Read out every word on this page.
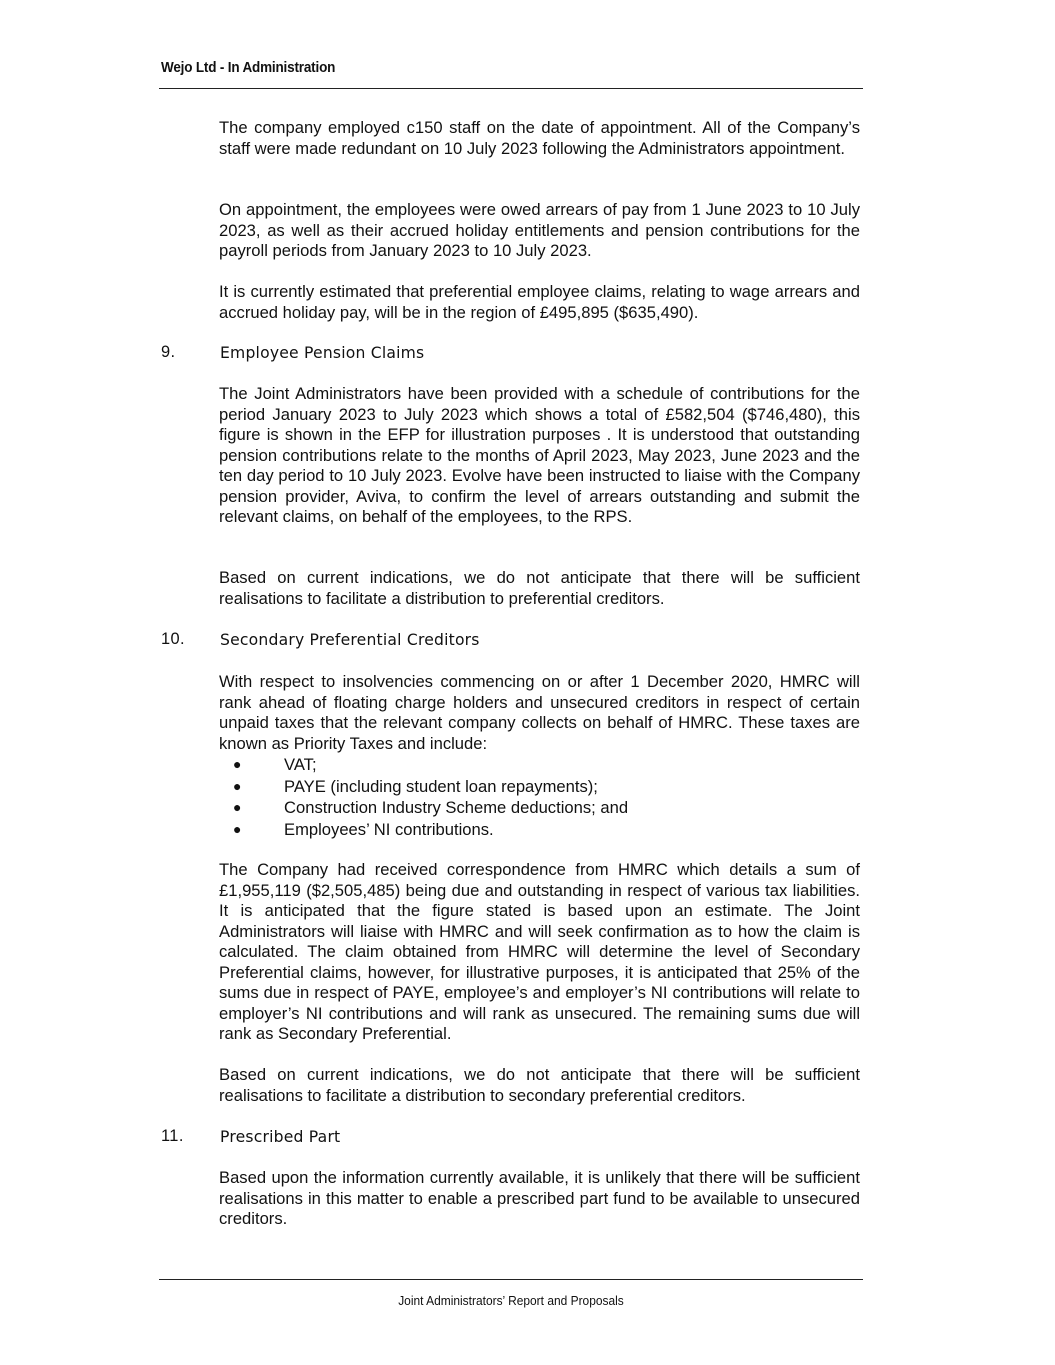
Wejo Ltd - In Administration

The company employed c150 staff on the date of appointment. All of the Company’s staff were made redundant on 10 July 2023 following the Administrators appointment.

On appointment, the employees were owed arrears of pay from 1 June 2023 to 10 July 2023, as well as their accrued holiday entitlements and pension contributions for the payroll periods from January 2023 to 10 July 2023.

It is currently estimated that preferential employee claims, relating to wage arrears and accrued holiday pay, will be in the region of £495,895 ($635,490).

9.	Employee Pension Claims

The Joint Administrators have been provided with a schedule of contributions for the period January 2023 to July 2023 which shows a total of £582,504 ($746,480), this figure is shown in the EFP for illustration purposes . It is understood that outstanding pension contributions relate to the months of April 2023, May 2023, June 2023 and the ten day period to 10 July 2023. Evolve have been instructed to liaise with the Company pension provider, Aviva, to confirm the level of arrears outstanding and submit the relevant claims, on behalf of the employees, to the RPS.

Based on current indications, we do not anticipate that there will be sufficient realisations to facilitate a distribution to preferential creditors.

10. Secondary Preferential Creditors

With respect to insolvencies commencing on or after 1 December 2020, HMRC will rank ahead of floating charge holders and unsecured creditors in respect of certain unpaid taxes that the relevant company collects on behalf of HMRC. These taxes are known as Priority Taxes and include:

●	VAT;
●	PAYE (including student loan repayments);
●	Construction Industry Scheme deductions; and
●	Employees’ NI contributions.

The Company had received correspondence from HMRC which details a sum of £1,955,119 ($2,505,485) being due and outstanding in respect of various tax liabilities. It is anticipated that the figure stated is based upon an estimate. The Joint Administrators will liaise with HMRC and will seek confirmation as to how the claim is calculated. The claim obtained from HMRC will determine the level of Secondary Preferential claims, however, for illustrative purposes, it is anticipated that 25% of the sums due in respect of PAYE, employee’s and employer’s NI contributions will relate to employer’s NI contributions and will rank as unsecured. The remaining sums due will rank as Secondary Preferential.

Based on current indications, we do not anticipate that there will be sufficient realisations to facilitate a distribution to secondary preferential creditors.

11. Prescribed Part

Based upon the information currently available, it is unlikely that there will be sufficient realisations in this matter to enable a prescribed part fund to be available to unsecured creditors.

Joint Administrators’ Report and Proposals
